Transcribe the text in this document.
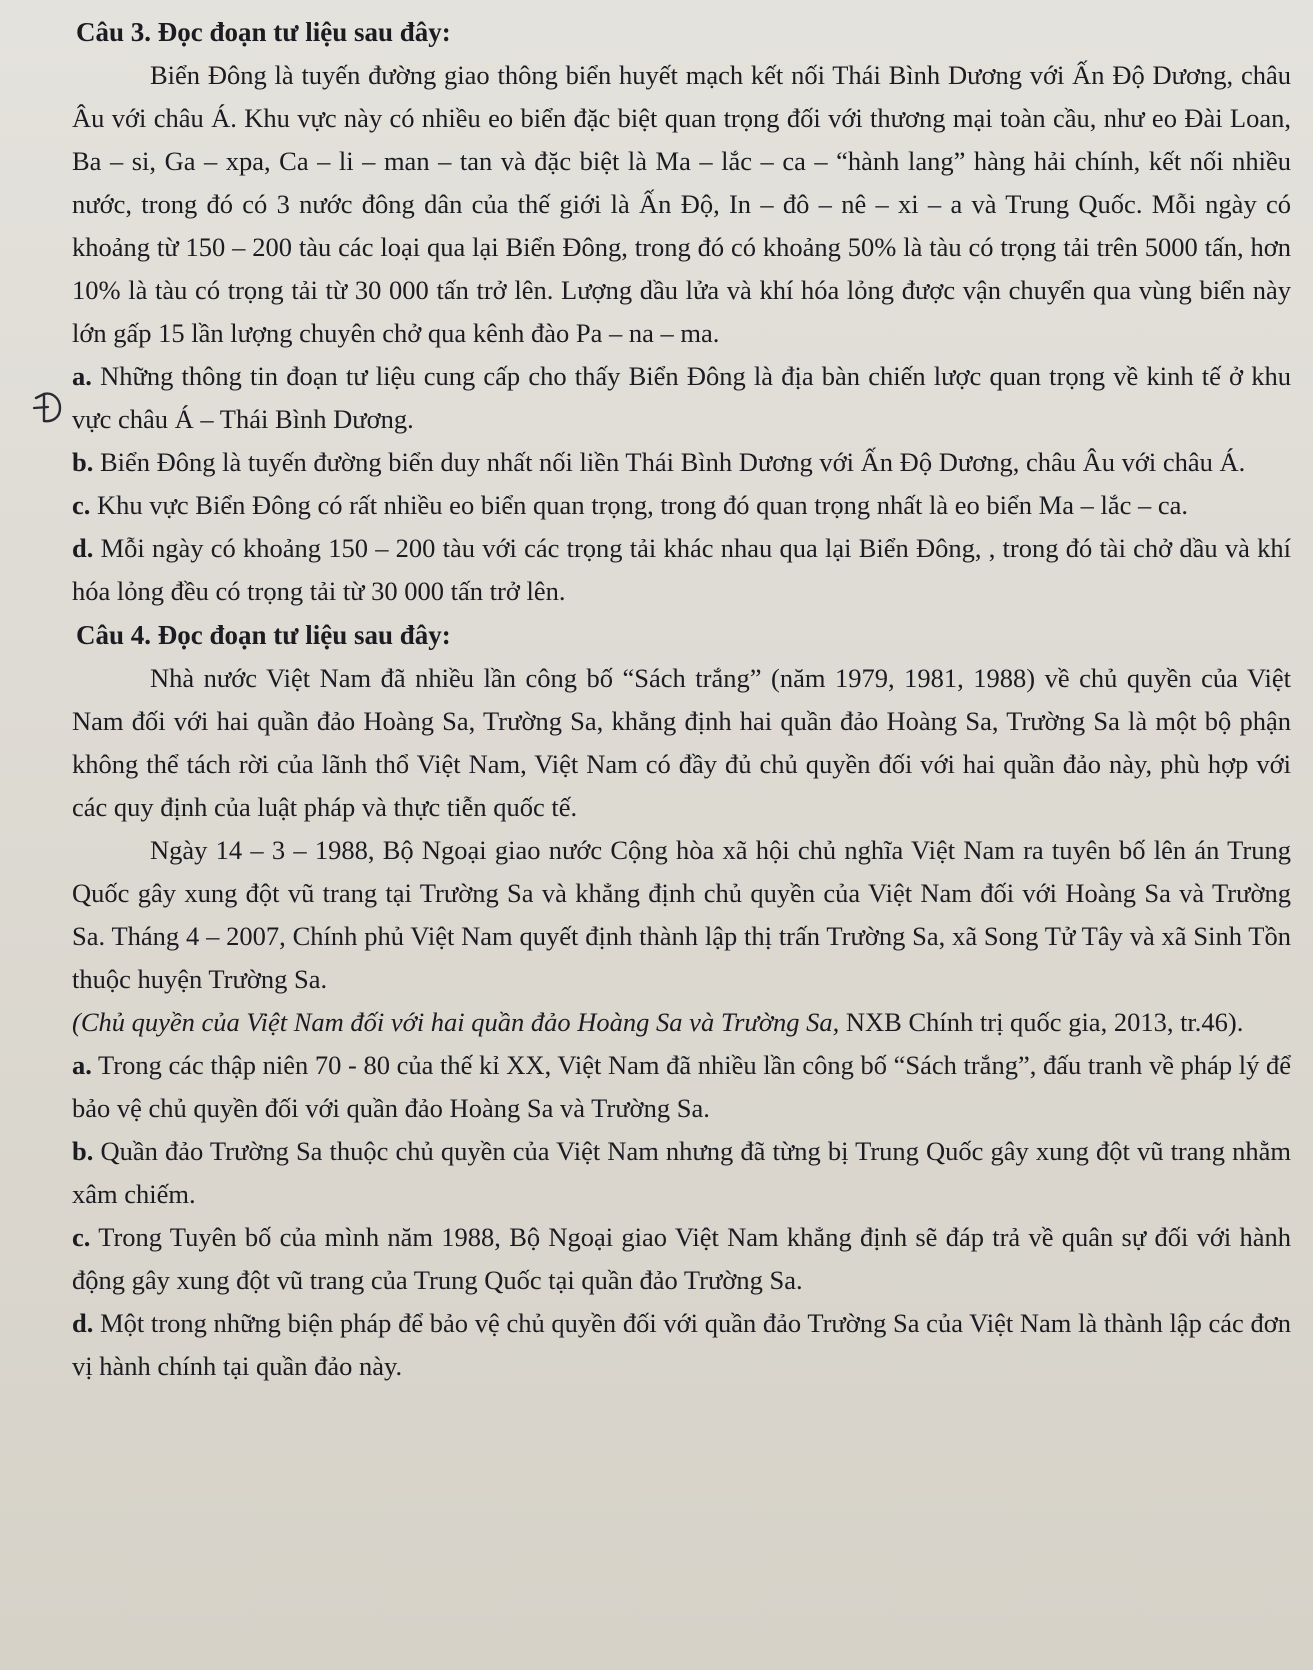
Câu 3. Đọc đoạn tư liệu sau đây:

Biển Đông là tuyến đường giao thông biển huyết mạch kết nối Thái Bình Dương với Ấn Độ Dương, châu Âu với châu Á. Khu vực này có nhiều eo biển đặc biệt quan trọng đối với thương mại toàn cầu, như eo Đài Loan, Ba – si, Ga – xpa, Ca – li – man – tan và đặc biệt là Ma – lắc – ca – “hành lang” hàng hải chính, kết nối nhiều nước, trong đó có 3 nước đông dân của thế giới là Ấn Độ, In – đô – nê – xi – a và Trung Quốc. Mỗi ngày có khoảng từ 150 – 200 tàu các loại qua lại Biển Đông, trong đó có khoảng 50% là tàu có trọng tải trên 5000 tấn, hơn 10% là tàu có trọng tải từ 30 000 tấn trở lên. Lượng dầu lửa và khí hóa lỏng được vận chuyển qua vùng biển này lớn gấp 15 lần lượng chuyên chở qua kênh đào Pa – na – ma.

a. Những thông tin đoạn tư liệu cung cấp cho thấy Biển Đông là địa bàn chiến lược quan trọng về kinh tế ở khu vực châu Á – Thái Bình Dương.

b. Biển Đông là tuyến đường biển duy nhất nối liền Thái Bình Dương với Ấn Độ Dương, châu Âu với châu Á.

c. Khu vực Biển Đông có rất nhiều eo biển quan trọng, trong đó quan trọng nhất là eo biển Ma – lắc – ca.

d. Mỗi ngày có khoảng 150 – 200 tàu với các trọng tải khác nhau qua lại Biển Đông, , trong đó tài chở dầu và khí hóa lỏng đều có trọng tải từ 30 000 tấn trở lên.

Câu 4. Đọc đoạn tư liệu sau đây:

Nhà nước Việt Nam đã nhiều lần công bố “Sách trắng” (năm 1979, 1981, 1988) về chủ quyền của Việt Nam đối với hai quần đảo Hoàng Sa, Trường Sa, khẳng định hai quần đảo Hoàng Sa, Trường Sa là một bộ phận không thể tách rời của lãnh thổ Việt Nam, Việt Nam có đầy đủ chủ quyền đối với hai quần đảo này, phù hợp với các quy định của luật pháp và thực tiễn quốc tế.

Ngày 14 – 3 – 1988, Bộ Ngoại giao nước Cộng hòa xã hội chủ nghĩa Việt Nam ra tuyên bố lên án Trung Quốc gây xung đột vũ trang tại Trường Sa và khẳng định chủ quyền của Việt Nam đối với Hoàng Sa và Trường Sa. Tháng 4 – 2007, Chính phủ Việt Nam quyết định thành lập thị trấn Trường Sa, xã Song Tử Tây và xã Sinh Tồn thuộc huyện Trường Sa.

(Chủ quyền của Việt Nam đối với hai quần đảo Hoàng Sa và Trường Sa, NXB Chính trị quốc gia, 2013, tr.46).

a. Trong các thập niên 70 - 80 của thế kỉ XX, Việt Nam đã nhiều lần công bố “Sách trắng”, đấu tranh về pháp lý để bảo vệ chủ quyền đối với quần đảo Hoàng Sa và Trường Sa.

b. Quần đảo Trường Sa thuộc chủ quyền của Việt Nam nhưng đã từng bị Trung Quốc gây xung đột vũ trang nhằm xâm chiếm.

c. Trong Tuyên bố của mình năm 1988, Bộ Ngoại giao Việt Nam khẳng định sẽ đáp trả về quân sự đối với hành động gây xung đột vũ trang của Trung Quốc tại quần đảo Trường Sa.

d. Một trong những biện pháp để bảo vệ chủ quyền đối với quần đảo Trường Sa của Việt Nam là thành lập các đơn vị hành chính tại quần đảo này.
